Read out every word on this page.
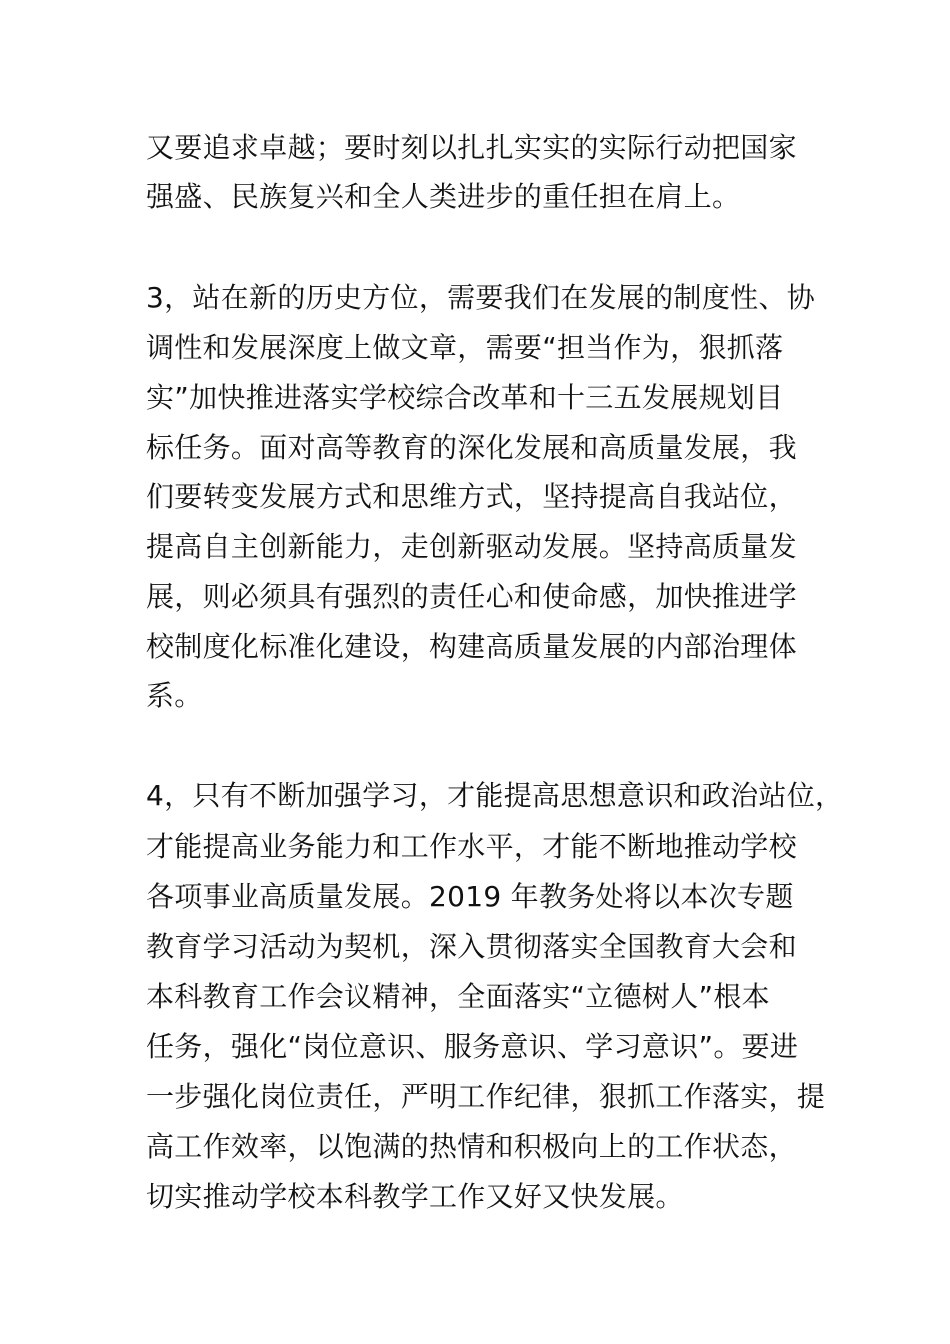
又要追求卓越；要时刻以扎扎实实的实际行动把国家
强盛、民族复兴和全人类进步的重任担在肩上。
3，站在新的历史方位，需要我们在发展的制度性、协
调性和发展深度上做文章，需要“担当作为，狠抓落
实”加快推进落实学校综合改革和十三五发展规划目
标任务。面对高等教育的深化发展和高质量发展，我
们要转变发展方式和思维方式，坚持提高自我站位，
提高自主创新能力，走创新驱动发展。坚持高质量发
展，则必须具有强烈的责任心和使命感，加快推进学
校制度化标准化建设，构建高质量发展的内部治理体
系。
4，只有不断加强学习，才能提高思想意识和政治站位，
才能提高业务能力和工作水平，才能不断地推动学校
各项事业高质量发展。2019 年教务处将以本次专题
教育学习活动为契机，深入贯彻落实全国教育大会和
本科教育工作会议精神，全面落实“立德树人”根本
任务，强化“岗位意识、服务意识、学习意识”。要进
一步强化岗位责任，严明工作纪律，狠抓工作落实，提
高工作效率，以饱满的热情和积极向上的工作状态，
切实推动学校本科教学工作又好又快发展。
